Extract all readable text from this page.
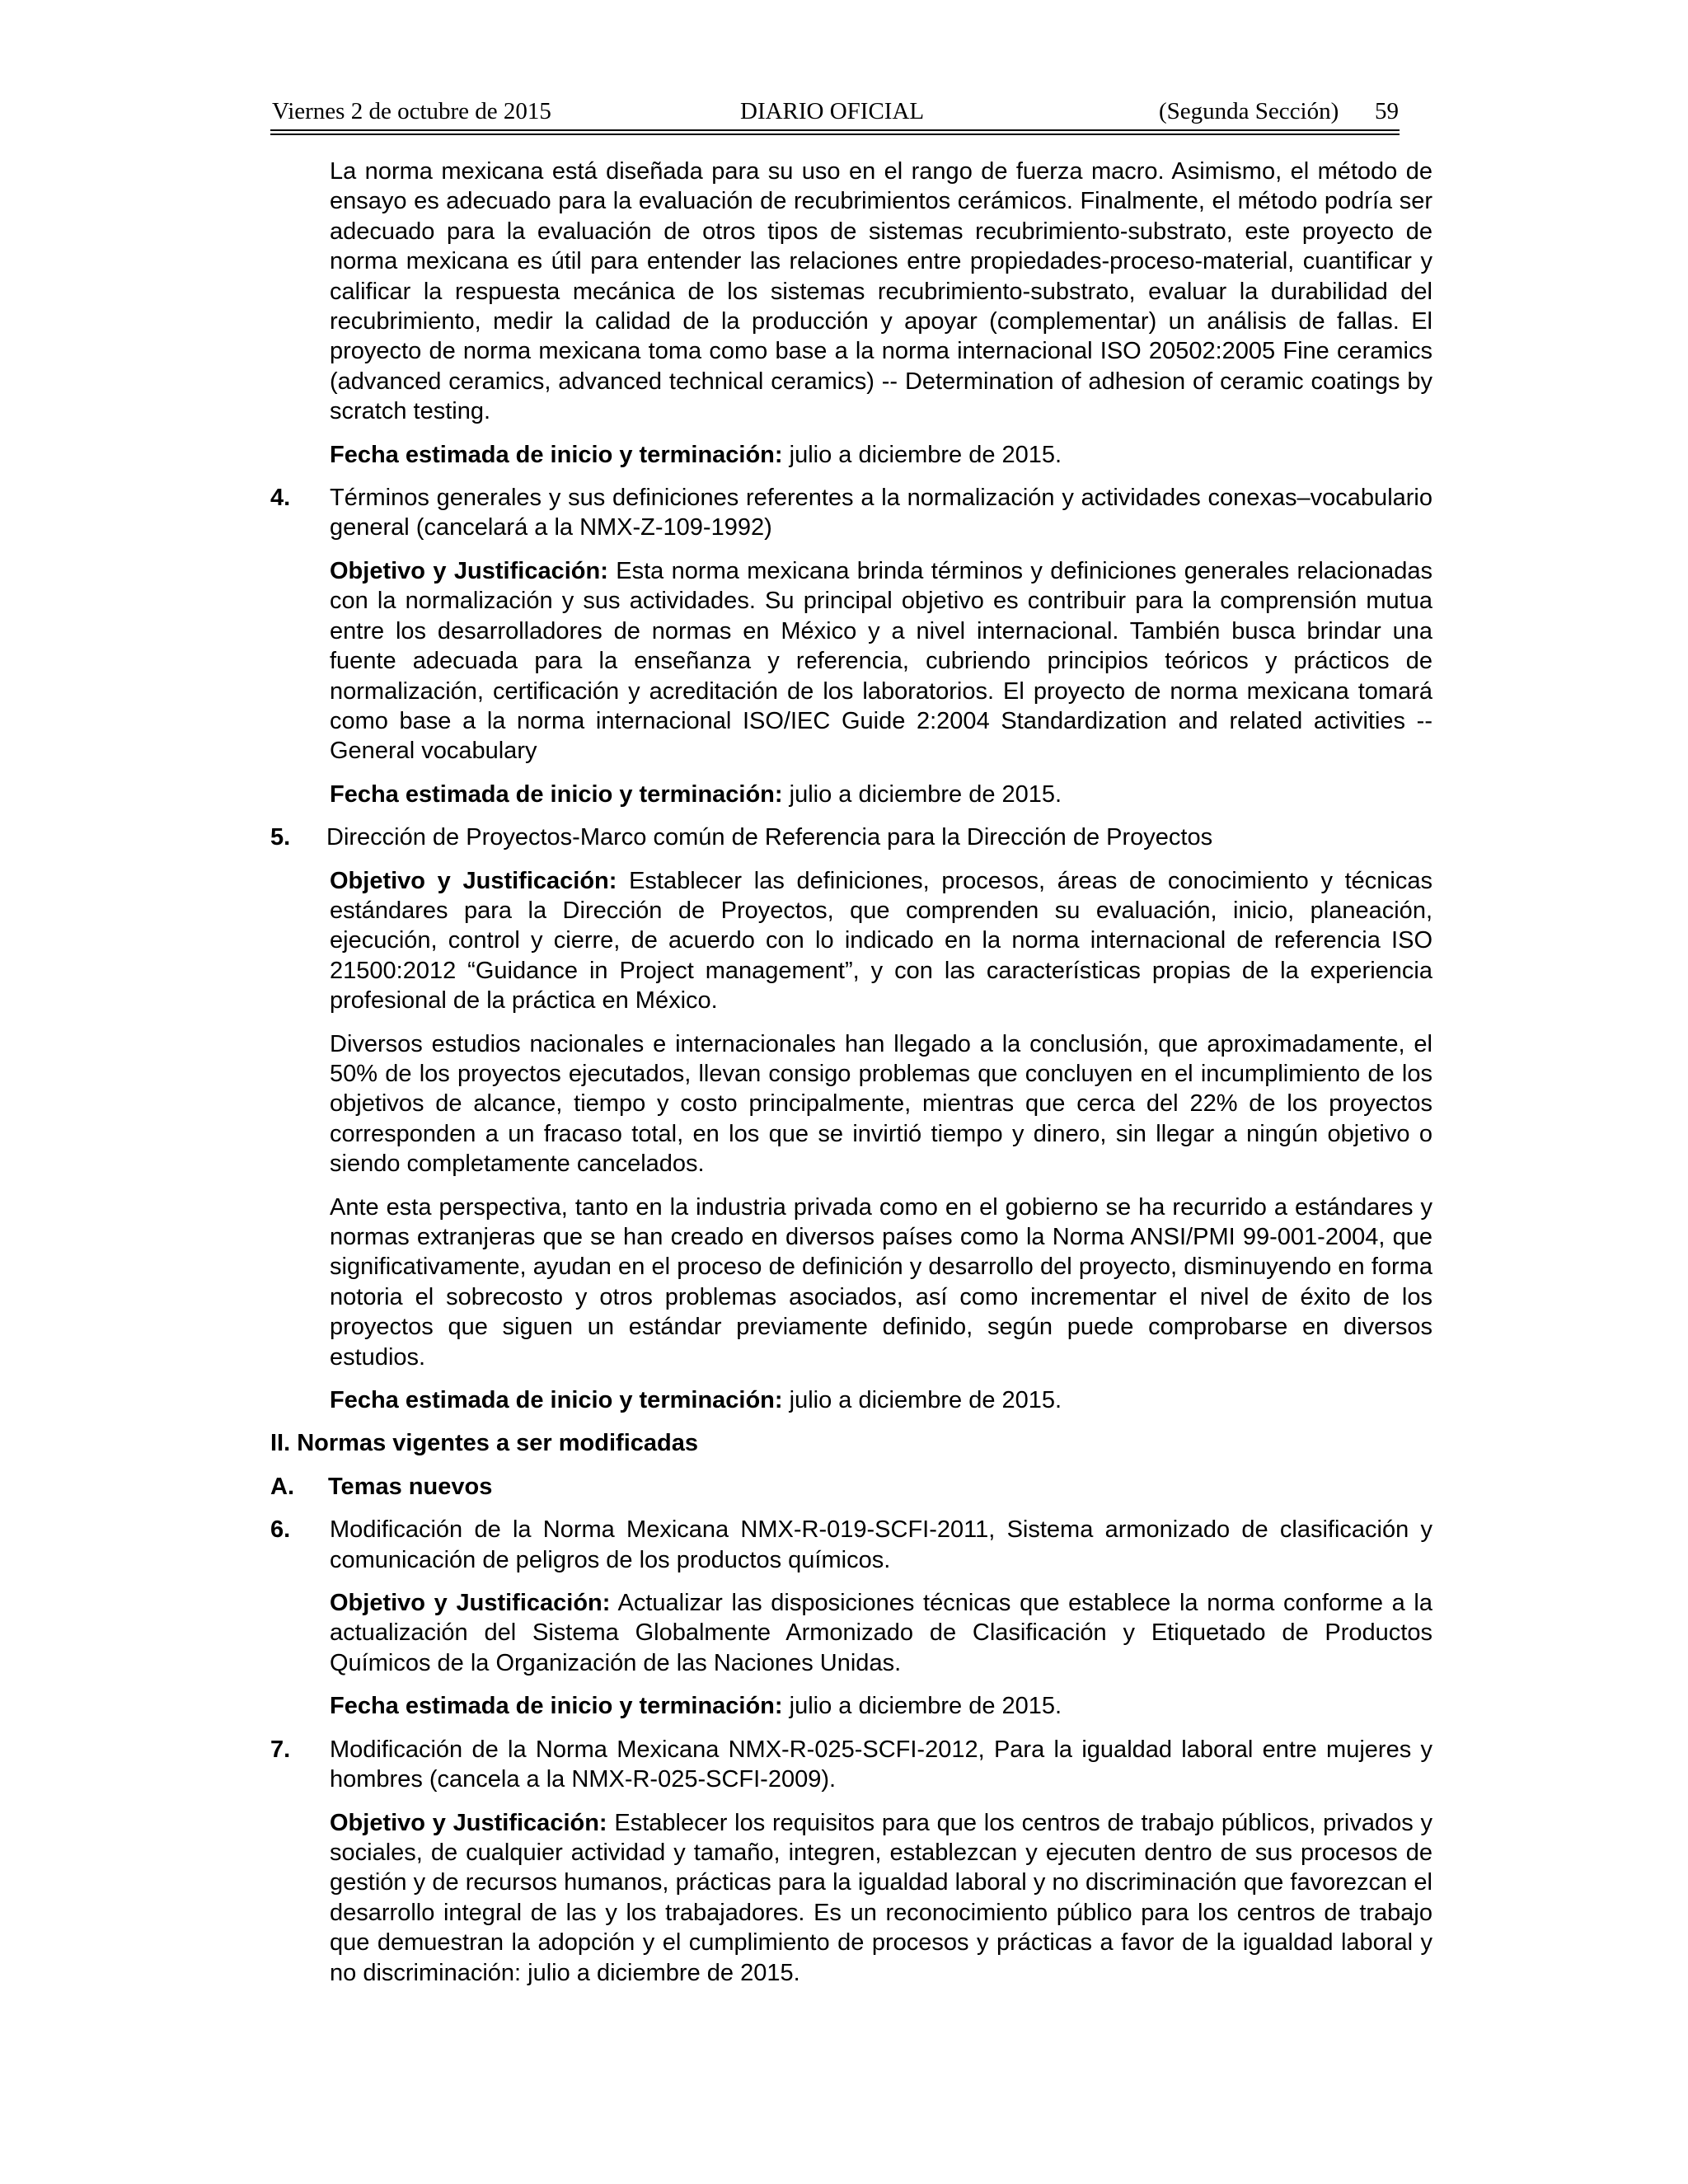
Viernes 2 de octubre de 2015	DIARIO OFICIAL	(Segunda Sección) 59

La norma mexicana está diseñada para su uso en el rango de fuerza macro. Asimismo, el método de ensayo es adecuado para la evaluación de recubrimientos cerámicos. Finalmente, el método podría ser adecuado para la evaluación de otros tipos de sistemas recubrimiento-substrato, este proyecto de norma mexicana es útil para entender las relaciones entre propiedades-proceso-material, cuantificar y calificar la respuesta mecánica de los sistemas recubrimiento-substrato, evaluar la durabilidad del recubrimiento, medir la calidad de la producción y apoyar (complementar) un análisis de fallas. El proyecto de norma mexicana toma como base a la norma internacional ISO 20502:2005 Fine ceramics (advanced ceramics, advanced technical ceramics) -- Determination of adhesion of ceramic coatings by scratch testing.

Fecha estimada de inicio y terminación: julio a diciembre de 2015.

4. Términos generales y sus definiciones referentes a la normalización y actividades conexas–vocabulario general (cancelará a la NMX-Z-109-1992)

Objetivo y Justificación: Esta norma mexicana brinda términos y definiciones generales relacionadas con la normalización y sus actividades. Su principal objetivo es contribuir para la comprensión mutua entre los desarrolladores de normas en México y a nivel internacional. También busca brindar una fuente adecuada para la enseñanza y referencia, cubriendo principios teóricos y prácticos de normalización, certificación y acreditación de los laboratorios. El proyecto de norma mexicana tomará como base a la norma internacional ISO/IEC Guide 2:2004 Standardization and related activities -- General vocabulary

Fecha estimada de inicio y terminación: julio a diciembre de 2015.

5. Dirección de Proyectos-Marco común de Referencia para la Dirección de Proyectos

Objetivo y Justificación: Establecer las definiciones, procesos, áreas de conocimiento y técnicas estándares para la Dirección de Proyectos, que comprenden su evaluación, inicio, planeación, ejecución, control y cierre, de acuerdo con lo indicado en la norma internacional de referencia ISO 21500:2012 “Guidance in Project management”, y con las características propias de la experiencia profesional de la práctica en México.

Diversos estudios nacionales e internacionales han llegado a la conclusión, que aproximadamente, el 50% de los proyectos ejecutados, llevan consigo problemas que concluyen en el incumplimiento de los objetivos de alcance, tiempo y costo principalmente, mientras que cerca del 22% de los proyectos corresponden a un fracaso total, en los que se invirtió tiempo y dinero, sin llegar a ningún objetivo o siendo completamente cancelados.

Ante esta perspectiva, tanto en la industria privada como en el gobierno se ha recurrido a estándares y normas extranjeras que se han creado en diversos países como la Norma ANSI/PMI 99-001-2004, que significativamente, ayudan en el proceso de definición y desarrollo del proyecto, disminuyendo en forma notoria el sobrecosto y otros problemas asociados, así como incrementar el nivel de éxito de los proyectos que siguen un estándar previamente definido, según puede comprobarse en diversos estudios.

Fecha estimada de inicio y terminación: julio a diciembre de 2015.

II. Normas vigentes a ser modificadas
A. Temas nuevos
6. Modificación de la Norma Mexicana NMX-R-019-SCFI-2011, Sistema armonizado de clasificación y comunicación de peligros de los productos químicos.

Objetivo y Justificación: Actualizar las disposiciones técnicas que establece la norma conforme a la actualización del Sistema Globalmente Armonizado de Clasificación y Etiquetado de Productos Químicos de la Organización de las Naciones Unidas.

Fecha estimada de inicio y terminación: julio a diciembre de 2015.

7. Modificación de la Norma Mexicana NMX-R-025-SCFI-2012, Para la igualdad laboral entre mujeres y hombres (cancela a la NMX-R-025-SCFI-2009).

Objetivo y Justificación: Establecer los requisitos para que los centros de trabajo públicos, privados y sociales, de cualquier actividad y tamaño, integren, establezcan y ejecuten dentro de sus procesos de gestión y de recursos humanos, prácticas para la igualdad laboral y no discriminación que favorezcan el desarrollo integral de las y los trabajadores. Es un reconocimiento público para los centros de trabajo que demuestran la adopción y el cumplimiento de procesos y prácticas a favor de la igualdad laboral y no discriminación: julio a diciembre de 2015.
